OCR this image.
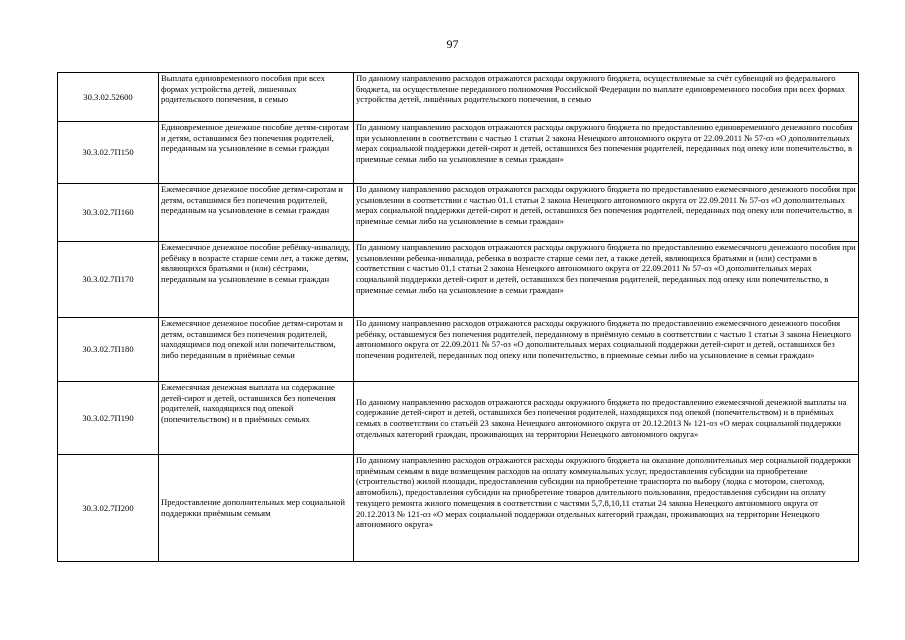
97
30.3.02.52600	Выплата единовременного пособия при всех формах устройства детей, лишенных родительского попечения, в семью	По данному направлению расходов отражаются расходы окружного бюджета, осуществляемые за счёт субвенций из федерального бюджета, на осуществление переданного полномочия Российской Федерации по выплате единовременного пособия при всех формах устройства детей, лишённых родительского попечения, в семью
30.3.02.7П150	Единовременное денежное пособие детям-сиротам и детям, оставшимся без попечения родителей, переданным на усыновление в семьи граждан	По данному направлению расходов отражаются расходы окружного бюджета по предоставлению единовременного денежного пособия при усыновлении в соответствии с частью 1 статьи 2 закона Ненецкого автономного округа от 22.09.2011 № 57-оз «О дополнительных мерах социальной поддержки детей-сирот и детей, оставшихся без попечения родителей, переданных под опеку или попечительство, в приемные семьи либо на усыновление в семьи граждан»
30.3.02.7П160	Ежемесячное денежное пособие детям-сиротам и детям, оставшимся без попечения родителей, переданным на усыновление в семьи граждан	По данному направлению расходов отражаются расходы окружного бюджета по предоставлению ежемесячного денежного пособия при усыновлении в соответствии с частью 01.1 статьи 2 закона Ненецкого автономного округа от 22.09.2011 № 57-оз «О дополнительных мерах социальной поддержки детей-сирот и детей, оставшихся без попечения родителей, переданных под опеку или попечительство, в приемные семьи либо на усыновление в семьи граждан»
30.3.02.7П170	Ежемесячное денежное пособие ребёнку-инвалиду, ребёнку в возрасте старше семи лет, а также детям, являющихся братьями и (или) сёстрами, переданным на усыновление в семьи граждан	По данному направлению расходов отражаются расходы окружного бюджета по предоставлению ежемесячного денежного пособия при усыновлении ребенка-инвалида, ребенка в возрасте старше семи лет, а также детей, являющихся братьями и (или) сестрами в соответствии с частью 01.1 статьи 2 закона Ненецкого автономного округа от 22.09.2011 № 57-оз «О дополнительных мерах социальной поддержки детей-сирот и детей, оставшихся без попечения родителей, переданных под опеку или попечительство, в приемные семьи либо на усыновление в семьи граждан»
30.3.02.7П180	Ежемесячное денежное пособие детям-сиротам и детям, оставшимся без попечения родителей, находящимся под опекой или попечительством, либо переданным в приёмные семьи	По данному направлению расходов отражаются расходы окружного бюджета по предоставлению ежемесячного денежного пособия ребёнку, оставшемуся без попечения родителей, переданному в приёмную семью в соответствии с частью 1 статьи 3 закона Ненецкого автономного округа от 22.09.2011 № 57-оз «О дополнительных мерах социальной поддержки детей-сирот и детей, оставшихся без попечения родителей, переданных под опеку или попечительство, в приемные семьи либо на усыновление в семьи граждан»
30.3.02.7П190	Ежемесячная денежная выплата на содержание детей-сирот и детей, оставшихся без попечения родителей, находящихся под опекой (попечительством) и в приёмных семьях	По данному направлению расходов отражаются расходы окружного бюджета по предоставлению ежемесячной денежной выплаты на содержание детей-сирот и детей, оставшихся без попечения родителей, находящихся под опекой (попечительством) и в приёмных семьях в соответствии со статьёй 23 закона Ненецкого автономного округа от 20.12.2013 № 121-оз «О мерах социальной поддержки отдельных категорий граждан, проживающих на территории Ненецкого автономного округа»
30.3.02.7П200	Предоставление дополнительных мер социальной поддержки приёмным семьям	По данному направлению расходов отражаются расходы окружного бюджета на оказание дополнительных мер социальной поддержки приёмным семьям в виде возмещения расходов на оплату коммунальных услуг, предоставления субсидии на приобретение (строительство) жилой площади, предоставления субсидии на приобретение транспорта по выбору (лодка с мотором, снегоход, автомобиль), предоставления субсидии на приобретение товаров длительного пользования, предоставления субсидии на оплату текущего ремонта жилого помещения в соответствии с частями 5,7,8,10,11 статьи 24 закона Ненецкого автономного округа от 20.12.2013 № 121-оз «О мерах социальной поддержки отдельных категорий граждан, проживающих на территории Ненецкого автономного округа»
